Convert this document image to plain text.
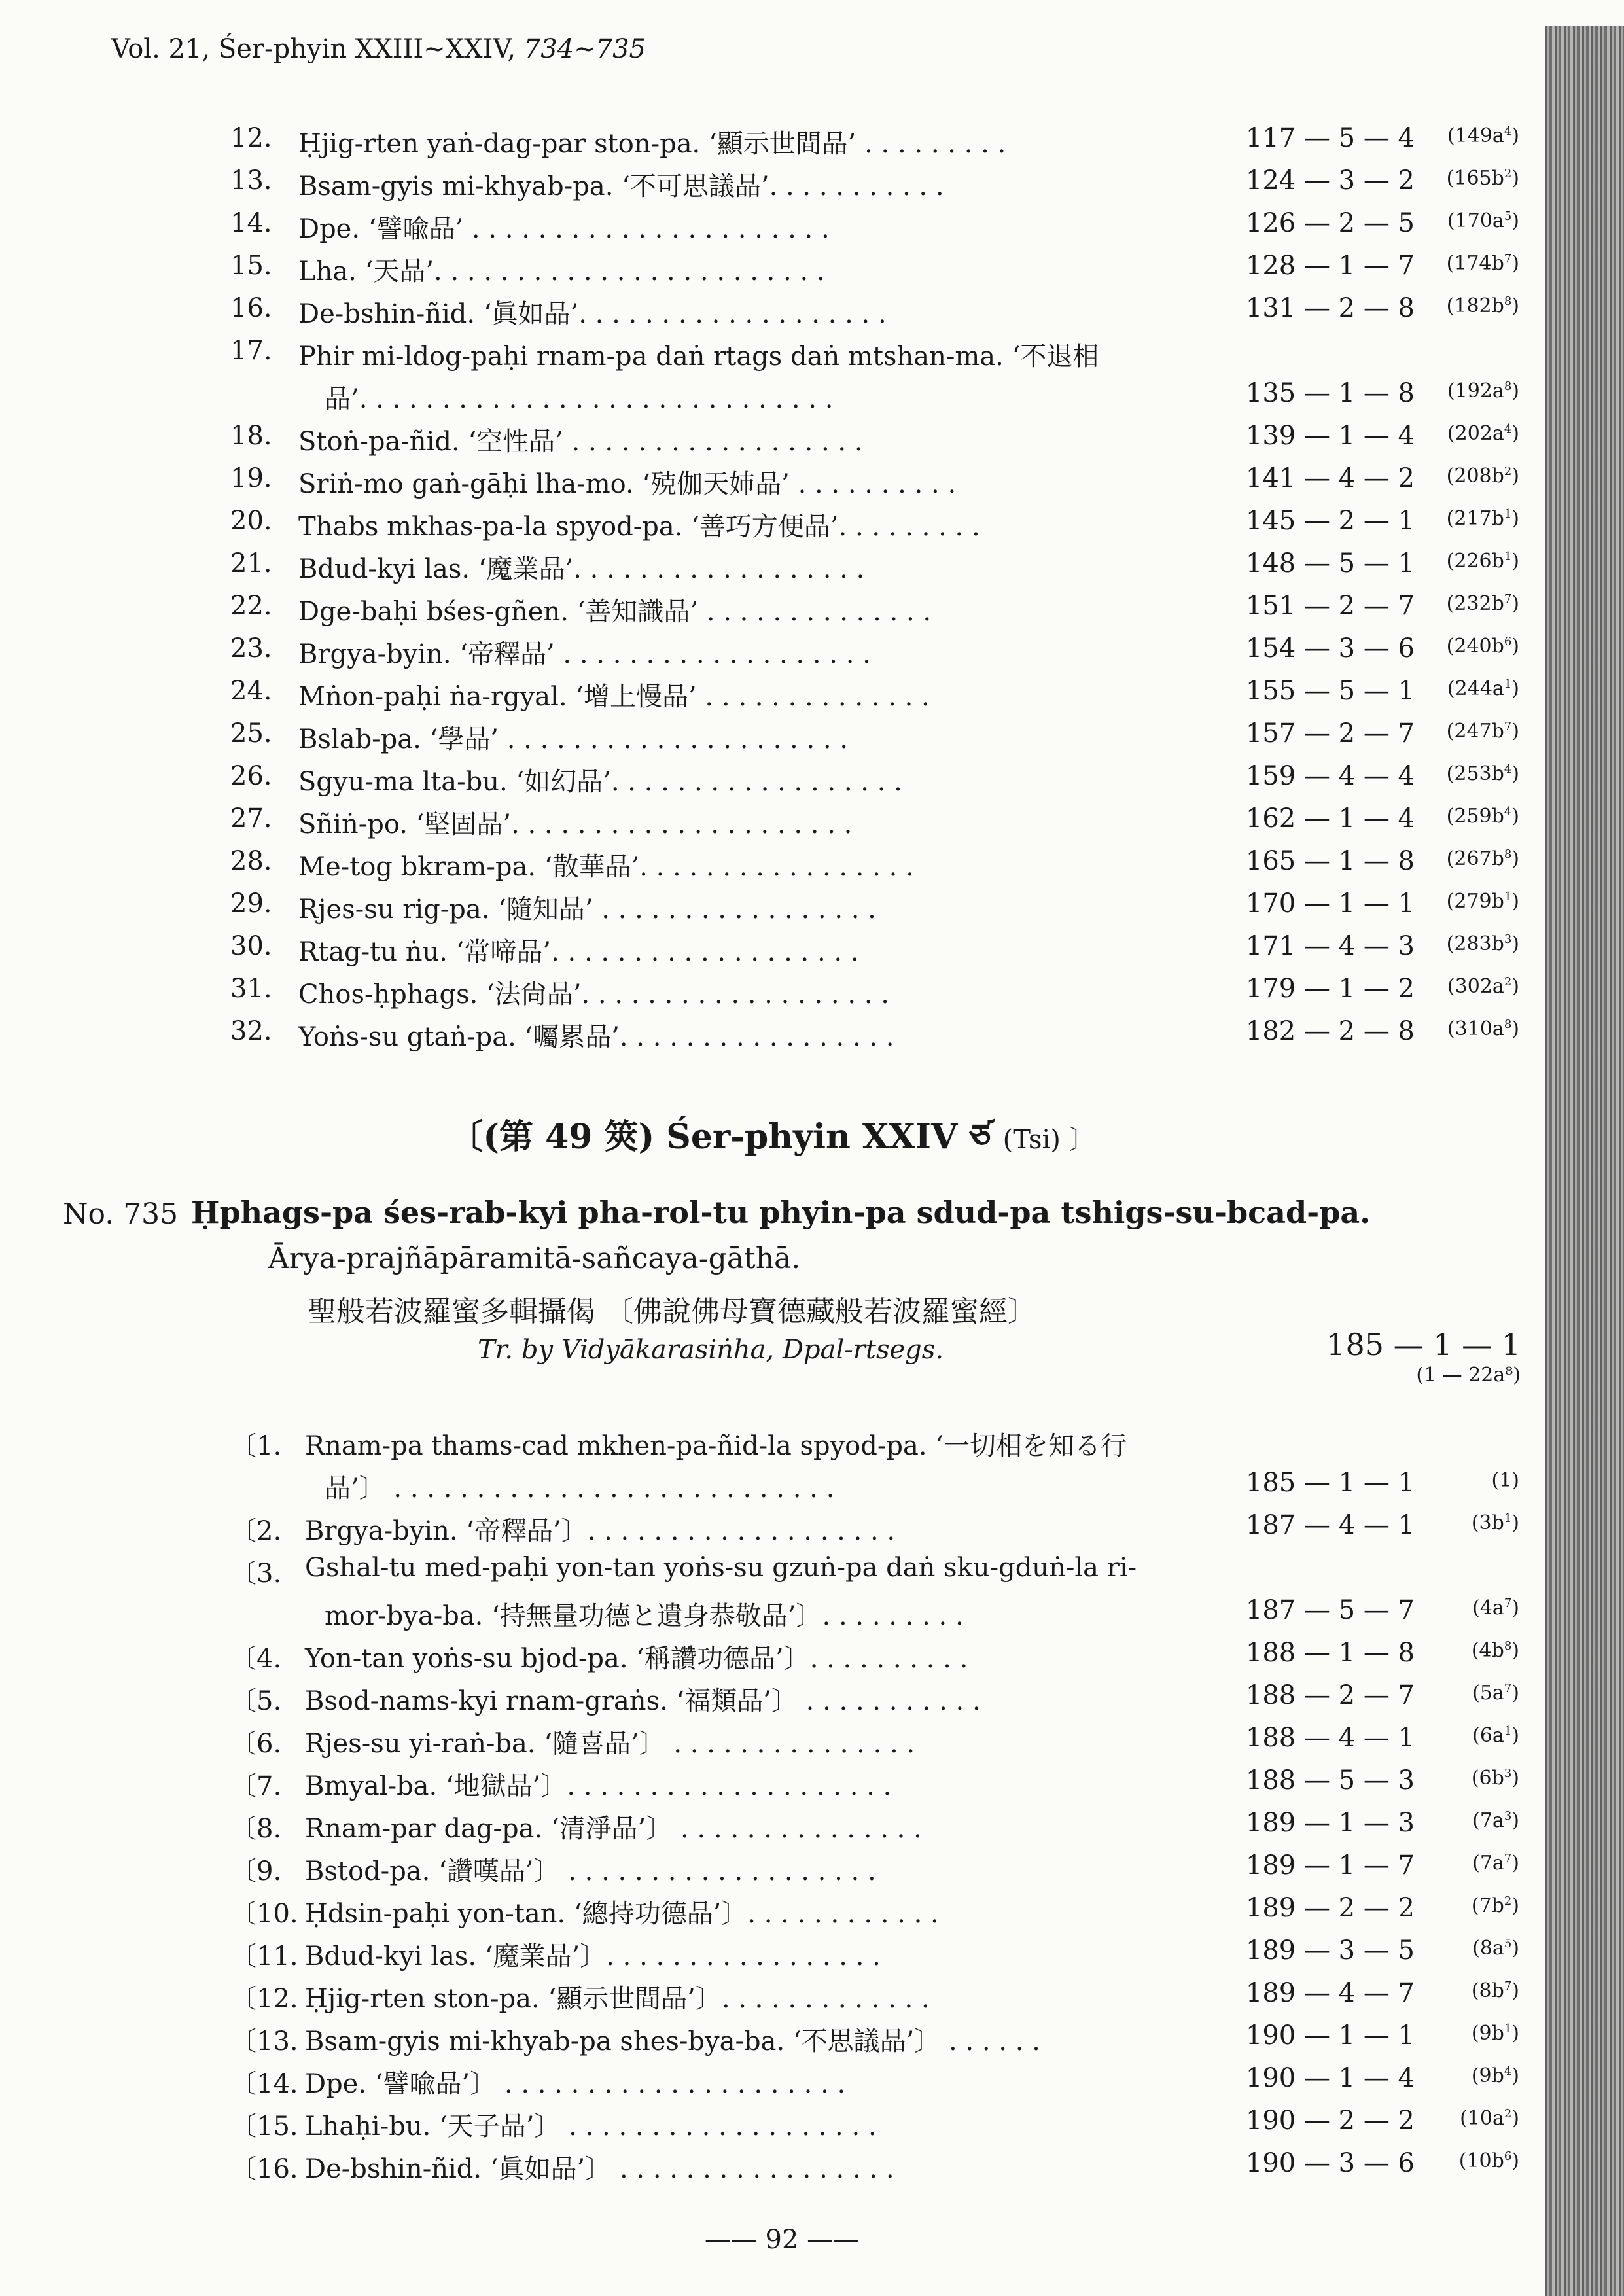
Vol. 21, Śer-phyin XXIII∼XXIV, 734∼735
12.	Ḥjig-rten yaṅ-dag-par ston-pa. ‘顯示世間品’ . . . . . . . . .	117 — 5 — 4 $(149a^4)$
13.	Bsam-gyis mi-khyab-pa. ‘不可思議品’. . . . . . . . . . .	124 — 3 — 2 $(165b^2)$
14.	Dpe. ‘譬喩品’ . . . . . . . . . . . . . . . . . . . . . .	126 — 2 — 5 $(170a^5)$
15.	Lha. ‘天品’. . . . . . . . . . . . . . . . . . . . . . . .	128 — 1 — 7 $(174b^7)$
16.	De-bshin-ñid. ‘眞如品’. . . . . . . . . . . . . . . . . . .	131 — 2 — 8 $(182b^8)$
17.	Phir mi-ldog-paḥi rnam-pa daṅ rtags daṅ mtshan-ma. ‘不退相
品’. . . . . . . . . . . . . . . . . . . . . . . . . . . . .	135 — 1 — 8 $(192a^8)$
18.	Stoṅ-pa-ñid. ‘空性品’ . . . . . . . . . . . . . . . . . .	139 — 1 — 4 $(202a^4)$
19.	Sriṅ-mo gaṅ-gāḥi lha-mo. ‘殑伽天姉品’ . . . . . . . . . .	141 — 4 — 2 $(208b^2)$
20.	Thabs mkhas-pa-la spyod-pa. ‘善巧方便品’. . . . . . . . .	145 — 2 — 1 $(217b^1)$
21.	Bdud-kyi las. ‘魔業品’. . . . . . . . . . . . . . . . . .	148 — 5 — 1 $(226b^1)$
22.	Dge-baḥi bśes-gñen. ‘善知識品’ . . . . . . . . . . . . . .	151 — 2 — 7 $(232b^7)$
23.	Brgya-byin. ‘帝釋品’ . . . . . . . . . . . . . . . . . . .	154 — 3 — 6 $(240b^6)$
24.	Mṅon-paḥi ṅa-rgyal. ‘增上慢品’ . . . . . . . . . . . . . .	155 — 5 — 1 $(244a^1)$
25.	Bslab-pa. ‘學品’ . . . . . . . . . . . . . . . . . . . . .	157 — 2 — 7 $(247b^7)$
26.	Sgyu-ma lta-bu. ‘如幻品’. . . . . . . . . . . . . . . . . .	159 — 4 — 4 $(253b^4)$
27.	Sñiṅ-po. ‘堅固品’. . . . . . . . . . . . . . . . . . . . .	162 — 1 — 4 $(259b^4)$
28.	Me-tog bkram-pa. ‘散華品’. . . . . . . . . . . . . . . . .	165 — 1 — 8 $(267b^8)$
29.	Rjes-su rig-pa. ‘隨知品’ . . . . . . . . . . . . . . . . .	170 — 1 — 1 $(279b^1)$
30.	Rtag-tu ṅu. ‘常啼品’. . . . . . . . . . . . . . . . . . .	171 — 4 — 3 $(283b^3)$
31.	Chos-ḥphags. ‘法尙品’. . . . . . . . . . . . . . . . . . .	179 — 1 — 2 $(302a^2)$
32.	Yoṅs-su gtaṅ-pa. ‘囑累品’. . . . . . . . . . . . . . . . .	182 — 2 — 8 $(310a^8)$
〔(第 49 筴) Śer-phyin XXIV ཙ (Tsi) 〕
No. 735 Ḥphags-pa śes-rab-kyi pha-rol-tu phyin-pa sdud-pa tshigs-su-bcad-pa.
Ārya-prajñāpāramitā-sañcaya-gāthā.
聖般若波羅蜜多輯攝偈 〔佛說佛母寶德藏般若波羅蜜經〕
Tr. by Vidyākarasiṅha, Dpal-rtsegs.	185 — 1 — 1
(1 — 22a⁸)
〔1. Rnam-pa thams-cad mkhen-pa-ñid-la spyod-pa. ‘一切相を知る行
品’〕 . . . . . . . . . . . . . . . . . . . . . . . . . . .	185 — 1 — 1	(1)
〔2. Brgya-byin. ‘帝釋品’〕. . . . . . . . . . . . . . . . . . .	187 — 4 — 1	$(3b^1)$
〔3. Gshal-tu med-paḥi yon-tan yoṅs-su gzuṅ-pa daṅ sku-gduṅ-la ri-
mor-bya-ba. ‘持無量功德と遺身恭敬品’〕. . . . . . . . .	187 — 5 — 7	$(4a^7)$
〔4. Yon-tan yoṅs-su bjod-pa. ‘稱讚功德品’〕. . . . . . . . . .	188 — 1 — 8	$(4b^8)$
〔5. Bsod-nams-kyi rnam-graṅs. ‘福類品’〕 . . . . . . . . . . .	188 — 2 — 7	$(5a^7)$
〔6. Rjes-su yi-raṅ-ba. ‘隨喜品’〕 . . . . . . . . . . . . . . .	188 — 4 — 1	$(6a^1)$
〔7. Bmyal-ba. ‘地獄品’〕. . . . . . . . . . . . . . . . . . . .	188 — 5 — 3	$(6b^3)$
〔8. Rnam-par dag-pa. ‘清淨品’〕 . . . . . . . . . . . . . . .	189 — 1 — 3	$(7a^3)$
〔9. Bstod-pa. ‘讚嘆品’〕 . . . . . . . . . . . . . . . . . . .	189 — 1 — 7	$(7a^7)$
〔10. Ḥdsin-paḥi yon-tan. ‘總持功德品’〕. . . . . . . . . . . .	189 — 2 — 2	$(7b^2)$
〔11. Bdud-kyi las. ‘魔業品’〕. . . . . . . . . . . . . . . . .	189 — 3 — 5	$(8a^5)$
〔12. Ḥjig-rten ston-pa. ‘顯示世間品’〕. . . . . . . . . . . . .	189 — 4 — 7	$(8b^7)$
〔13. Bsam-gyis mi-khyab-pa shes-bya-ba. ‘不思議品’〕 . . . . . .	190 — 1 — 1	$(9b^1)$
〔14. Dpe. ‘譬喩品’〕 . . . . . . . . . . . . . . . . . . . . .	190 — 1 — 4	$(9b^4)$
〔15. Lhaḥi-bu. ‘天子品’〕 . . . . . . . . . . . . . . . . . . .	190 — 2 — 2 $(10a^2)$
〔16. De-bshin-ñid. ‘眞如品’〕 . . . . . . . . . . . . . . . . .	190 — 3 — 6 $(10b^6)$
—— 92 ——
